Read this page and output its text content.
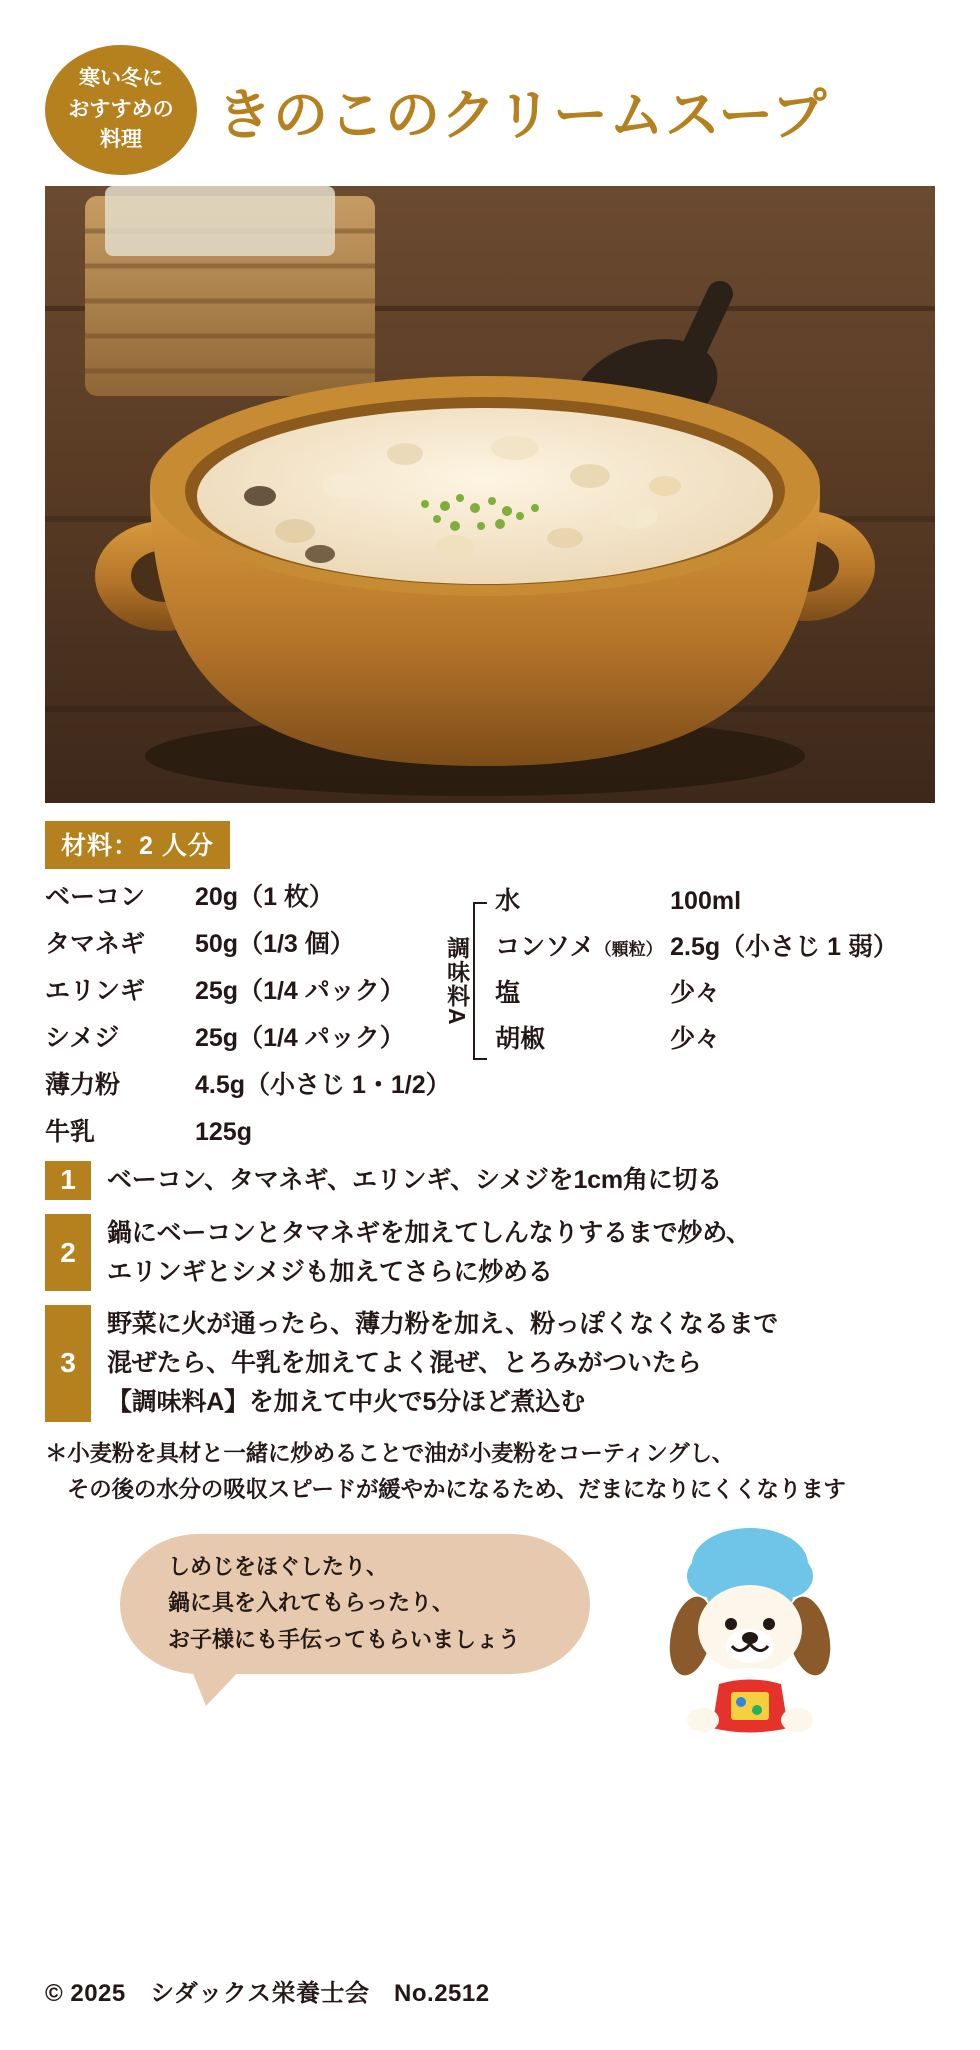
寒い冬に
おすすめの
料理 きのこのクリームスープ
材料：2 人分
ベーコン	20g（1 枚）
タマネギ	50g（1/3 個）
エリンギ	25g（1/4 パック）
シメジ	25g（1/4 パック）
薄力粉	4.5g（小さじ 1・1/2）
牛乳	125g
調味料A
水	100ml
コンソメ（顆粒） 2.5g（小さじ 1 弱）
塩	少々
胡椒	少々
1	ベーコン、タマネギ、エリンギ、シメジを1cm角に切る
2
鍋にベーコンとタマネギを加えてしんなりするまで炒め、
エリンギとシメジも加えてさらに炒める
3
野菜に火が通ったら、薄力粉を加え、粉っぽくなくなるまで
混ぜたら、牛乳を加えてよく混ぜ、とろみがついたら
【調味料A】を加えて中火で5分ほど煮込む
＊小麦粉を具材と一緒に炒めることで油が小麦粉をコーティングし、
その後の水分の吸収スピードが緩やかになるため、だまになりにくくなります
しめじをほぐしたり、
鍋に具を入れてもらったり、
お子様にも手伝ってもらいましょう
© 2025　シダックス栄養士会　No.2512
